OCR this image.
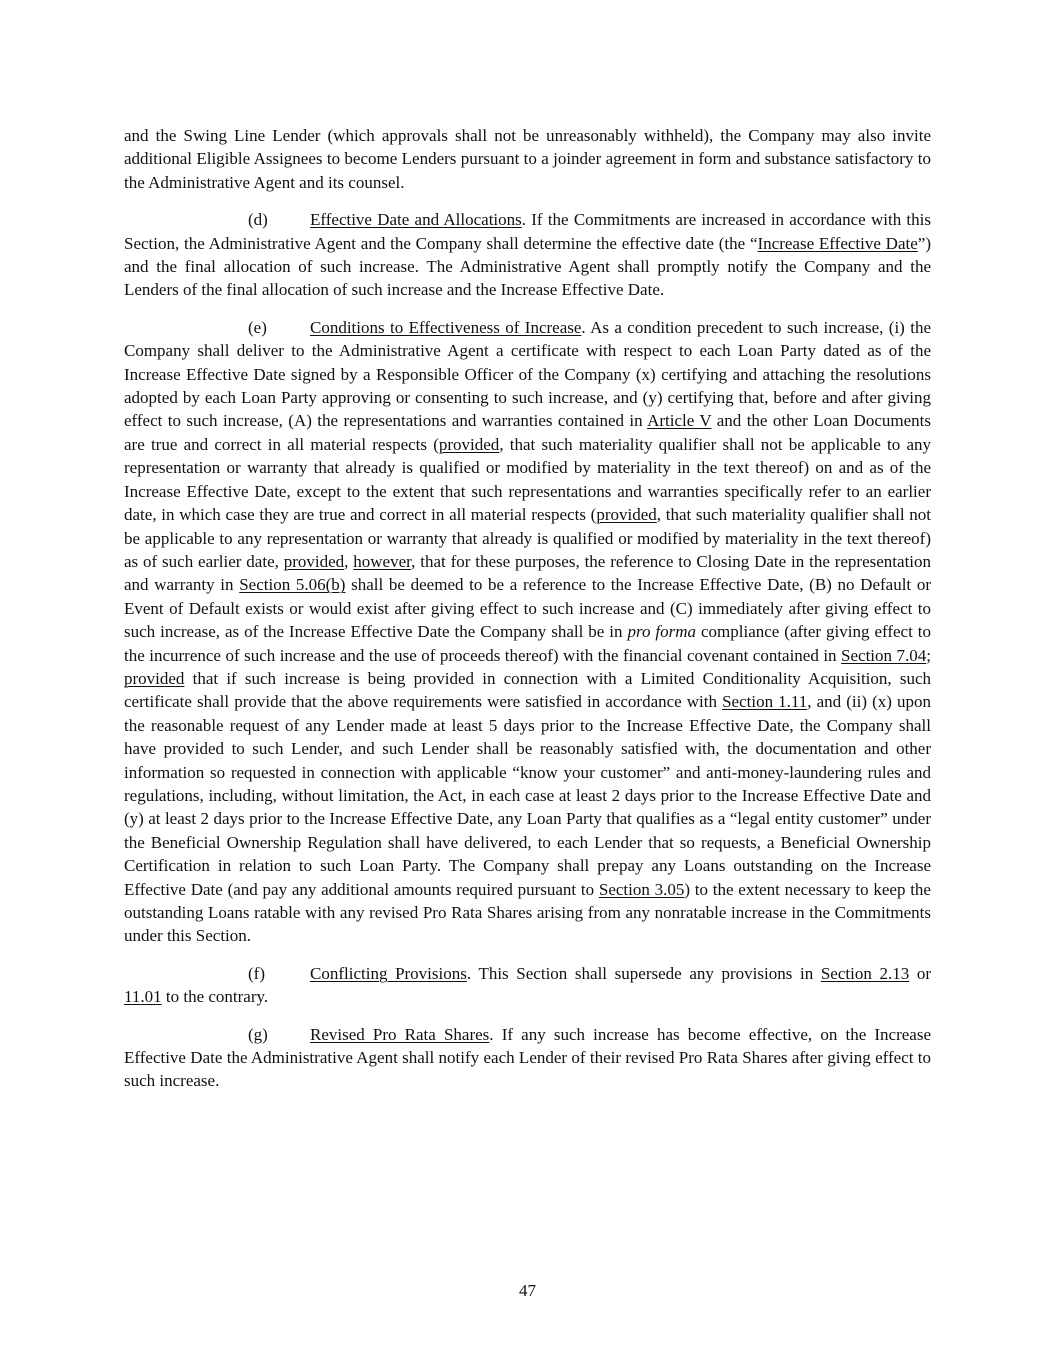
and the Swing Line Lender (which approvals shall not be unreasonably withheld), the Company may also invite additional Eligible Assignees to become Lenders pursuant to a joinder agreement in form and substance satisfactory to the Administrative Agent and its counsel.

(d) Effective Date and Allocations. If the Commitments are increased in accordance with this Section, the Administrative Agent and the Company shall determine the effective date (the “Increase Effective Date”) and the final allocation of such increase. The Administrative Agent shall promptly notify the Company and the Lenders of the final allocation of such increase and the Increase Effective Date.

(e)	Conditions to Effectiveness of Increase. As a condition precedent to such increase, (i) the Company shall deliver to the Administrative Agent a certificate with respect to each Loan Party dated as of the Increase Effective Date signed by a Responsible Officer of the Company (x) certifying and attaching the resolutions adopted by each Loan Party approving or consenting to such increase, and (y) certifying that, before and after giving effect to such increase, (A) the representations and warranties contained in Article V and the other Loan Documents are true and correct in all material respects (provided, that such materiality qualifier shall not be applicable to any representation or warranty that already is qualified or modified by materiality in the text thereof) on and as of the Increase Effective Date, except to the extent that such representations and warranties specifically refer to an earlier date, in which case they are true and correct in all material respects (provided, that such materiality qualifier shall not be applicable to any representation or warranty that already is qualified or modified by materiality in the text thereof) as of such earlier date, provided, however, that for these purposes, the reference to Closing Date in the representation and warranty in Section 5.06(b) shall be deemed to be a reference to the Increase Effective Date, (B) no Default or Event of Default exists or would exist after giving effect to such increase and (C) immediately after giving effect to such increase, as of the Increase Effective Date the Company shall be in pro forma compliance (after giving effect to the incurrence of such increase and the use of proceeds thereof) with the financial covenant contained in Section 7.04; provided that if such increase is being provided in connection with a Limited Conditionality Acquisition, such certificate shall provide that the above requirements were satisfied in accordance with Section 1.11, and (ii) (x) upon the reasonable request of any Lender made at least 5 days prior to the Increase Effective Date, the Company shall have provided to such Lender, and such Lender shall be reasonably satisfied with, the documentation and other information so requested in connection with applicable “know your customer” and anti-money-laundering rules and regulations, including, without limitation, the Act, in each case at least 2 days prior to the Increase Effective Date and (y) at least 2 days prior to the Increase Effective Date, any Loan Party that qualifies as a “legal entity customer” under the Beneficial Ownership Regulation shall have delivered, to each Lender that so requests, a Beneficial Ownership Certification in relation to such Loan Party. The Company shall prepay any Loans outstanding on the Increase Effective Date (and pay any additional amounts required pursuant to Section 3.05) to the extent necessary to keep the outstanding Loans ratable with any revised Pro Rata Shares arising from any nonratable increase in the Commitments under this Section.

(f)	Conflicting Provisions. This Section shall supersede any provisions in Section 2.13 or 11.01 to the contrary.

(g) Revised Pro Rata Shares. If any such increase has become effective, on the Increase Effective Date the Administrative Agent shall notify each Lender of their revised Pro Rata Shares after giving effect to such increase.

47
